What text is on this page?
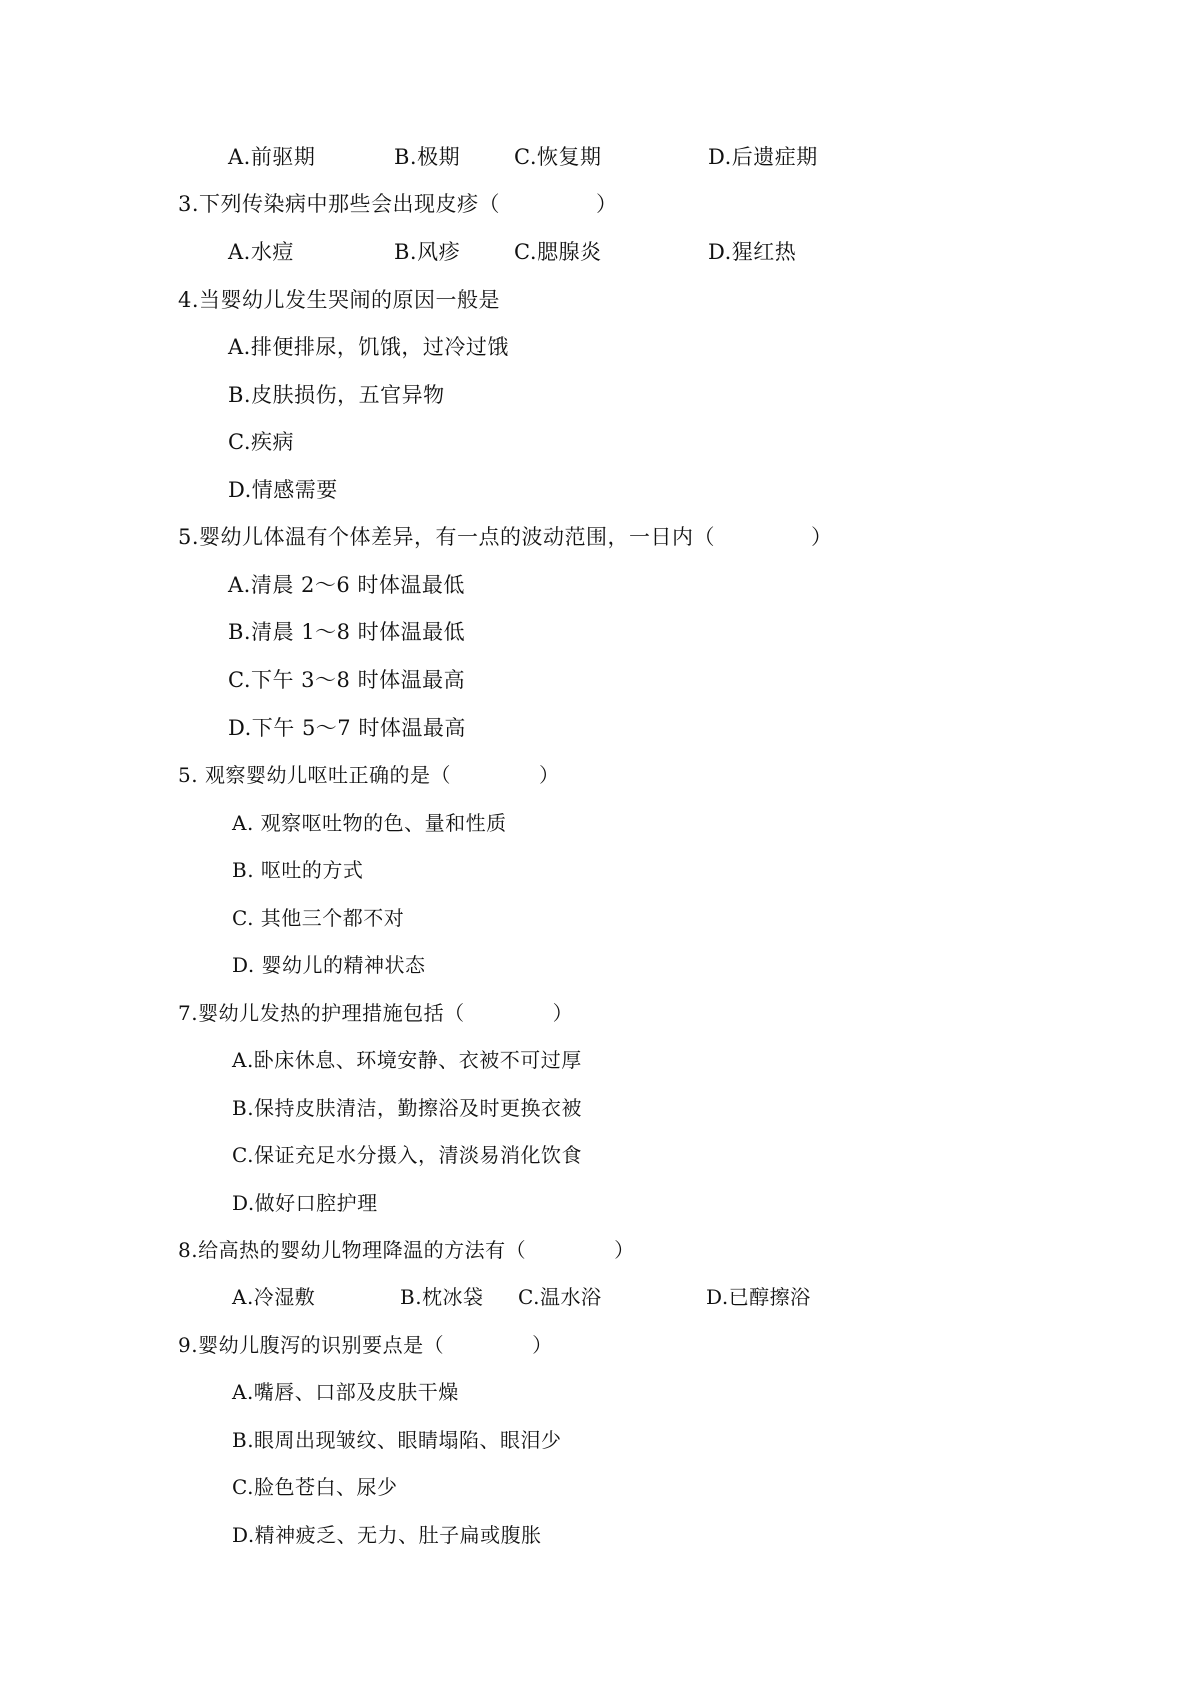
A.前驱期	B.极期	C.恢复期	D.后遗症期
3.下列传染病中那些会出现皮疹（	）
A.水痘	B.风疹	C.腮腺炎	D.猩红热
4.当婴幼儿发生哭闹的原因一般是
A.排便排尿，饥饿，过冷过饿
B.皮肤损伤，五官异物
C.疾病
D.情感需要
5.婴幼儿体温有个体差异，有一点的波动范围，一日内（	）
A.清晨 2～6 时体温最低
B.清晨 1～8 时体温最低
C.下午 3～8 时体温最高
D.下午 5～7 时体温最高
5. 观察婴幼儿呕吐正确的是（	）
A. 观察呕吐物的色、量和性质
B. 呕吐的方式
C. 其他三个都不对
D. 婴幼儿的精神状态
7.婴幼儿发热的护理措施包括（	）
A.卧床休息、环境安静、衣被不可过厚
B.保持皮肤清洁，勤擦浴及时更换衣被
C.保证充足水分摄入，清淡易消化饮食
D.做好口腔护理
8.给高热的婴幼儿物理降温的方法有（	）
A.冷湿敷	B.枕冰袋 C.温水浴	D.已醇擦浴
9.婴幼儿腹泻的识别要点是（	）
A.嘴唇、口部及皮肤干燥
B.眼周出现皱纹、眼睛塌陷、眼泪少
C.脸色苍白、尿少
D.精神疲乏、无力、肚子扁或腹胀
